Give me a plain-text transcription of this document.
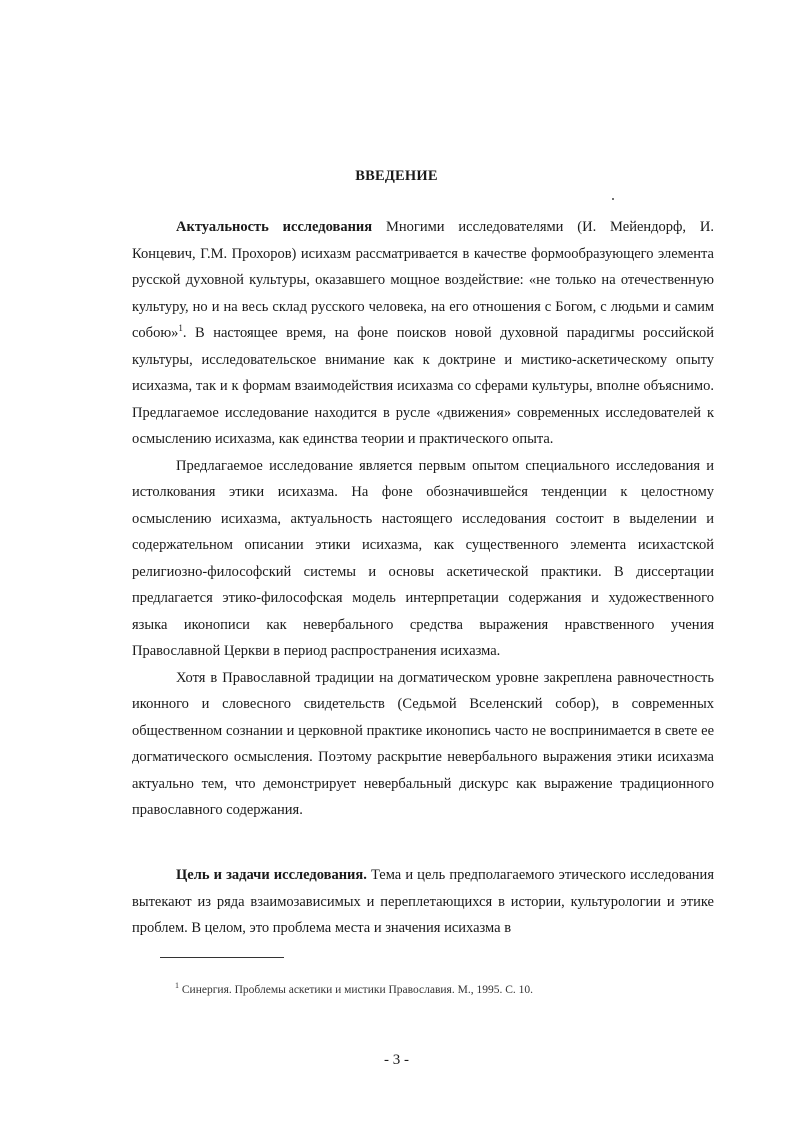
ВВЕДЕНИЕ

Актуальность исследования Многими исследователями (И. Мейендорф, И. Концевич, Г.М. Прохоров) исихазм рассматривается в качестве формообразующего элемента русской духовной культуры, оказавшего мощное воздействие: «не только на отечественную культуру, но и на весь склад русского человека, на его отношения с Богом, с людьми и самим собою»$^1$. В настоящее время, на фоне поисков новой духовной парадигмы российской культуры, исследовательское внимание как к доктрине и мистико-аскетическому опыту исихазма, так и к формам взаимодействия исихазма со сферами культуры, вполне объяснимо. Предлагаемое исследование находится в русле «движения» современных исследователей к осмыслению исихазма, как единства теории и практического опыта.

Предлагаемое исследование является первым опытом специального исследования и истолкования этики исихазма. На фоне обозначившейся тенденции к целостному осмыслению исихазма, актуальность настоящего исследования состоит в выделении и содержательном описании этики исихазма, как существенного элемента исихастской религиозно-философский системы и основы аскетической практики. В диссертации предлагается этико-философская модель интерпретации содержания и художественного языка иконописи как невербального средства выражения нравственного учения Православной Церкви в период распространения исихазма.

Хотя в Православной традиции на догматическом уровне закреплена равночестность иконного и словесного свидетельств (Седьмой Вселенский собор), в современных общественном сознании и церковной практике иконопись часто не воспринимается в свете ее догматического осмысления. Поэтому раскрытие невербального выражения этики исихазма актуально тем, что демонстрирует невербальный дискурс как выражение традиционного православного содержания.

Цель и задачи исследования. Тема и цель предполагаемого этического исследования вытекают из ряда взаимозависимых и переплетающихся в истории, культурологии и этике проблем. В целом, это проблема места и значения исихазма в

$^1$ Синергия. Проблемы аскетики и мистики Православия. М., 1995. С. 10.
- 3 -
